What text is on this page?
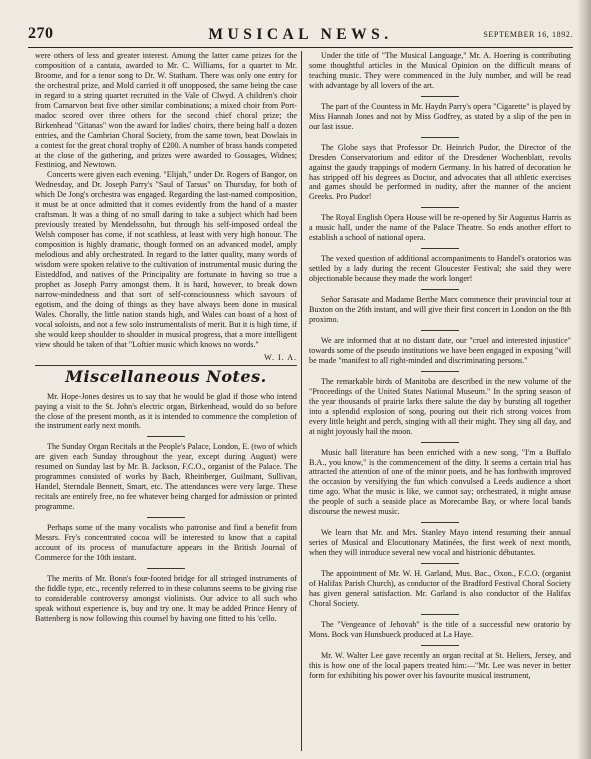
270	MUSICAL NEWS.	SEPTEMBER 16, 1892.

were others of less and greater interest. Among the latter came prizes for the composition of a cantata, awarded to Mr. C. Williams, for a quartet to Mr. Broome, and for a tenor song to Dr. W. Statham. There was only one entry for the orchestral prize, and Mold carried it off unopposed, the same being the case in regard to a string quartet recruited in the Vale of Clwyd. A children's choir from Carnarvon beat five other similar combinations; a mixed choir from Port-madoc scored over three others for the second chief choral prize; the Birkenhead "Gitanas" won the award for ladies' choirs, there being half a dozen entries, and the Cambrian Choral Society, from the same town, beat Dowlais in a contest for the great choral trophy of £200. A number of brass bands competed at the close of the gathering, and prizes were awarded to Gossages, Widnes; Festiniog, and Newtown.

Concerts were given each evening. "Elijah," under Dr. Rogers of Bangor, on Wednesday, and Dr. Joseph Parry's "Saul of Tarsus" on Thursday, for both of which De Jong's orchestra was engaged. Regarding the last-named composition, it must be at once admitted that it comes evidently from the hand of a master craftsman. It was a thing of no small daring to take a subject which had been previously treated by Mendelssohn, but through his self-imposed ordeal the Welsh composer has come, if not scathless, at least with very high honour. The composition is highly dramatic, though formed on an advanced model, amply melodious and ably orchestrated. In regard to the latter quality, many words of wisdom were spoken relative to the cultivation of instrumental music during the Eisteddfod, and natives of the Principality are fortunate in having so true a prophet as Joseph Parry amongst them. It is hard, however, to break down narrow-mindedness and that sort of self-consciousness which savours of egotism, and the doing of things as they have always been done in musical Wales. Chorally, the little nation stands high, and Wales can boast of a host of vocal soloists, and not a few solo instrumentalists of merit. But it is high time, if she would keep shoulder to shoulder in musical progress, that a more intelligent view should be taken of that "Loftier music which knows no words."

W. I. A.

Miscellaneous Notes.

Mr. Hope-Jones desires us to say that he would be glad if those who intend paying a visit to the St. John's electric organ, Birkenhead, would do so before the close of the present month, as it is intended to commence the completion of the instrument early next month.

The Sunday Organ Recitals at the People's Palace, London, E. (two of which are given each Sunday throughout the year, except during August) were resumed on Sunday last by Mr. B. Jackson, F.C.O., organist of the Palace. The programmes consisted of works by Bach, Rheinberger, Guilmant, Sullivan, Handel, Sterndale Bennett, Smart, etc. The attendances were very large. These recitals are entirely free, no fee whatever being charged for admission or printed programme.

Perhaps some of the many vocalists who patronise and find a benefit from Messrs. Fry's concentrated cocoa will be interested to know that a capital account of its process of manufacture appears in the British Journal of Commerce for the 10th instant.

The merits of Mr. Bonn's four-footed bridge for all stringed instruments of the fiddle type, etc., recently referred to in these columns seems to be giving rise to considerable controversy amongst violinists. Our advice to all such who speak without experience is, buy and try one. It may be added Prince Henry of Battenberg is now following this counsel by having one fitted to his 'cello.

Under the title of "The Musical Language," Mr. A. Hoering is contributing some thoughtful articles in the Musical Opinion on the difficult means of teaching music. They were commenced in the July number, and will be read with advantage by all lovers of the art.

The part of the Countess in Mr. Haydn Parry's opera "Cigarette" is played by Miss Hannah Jones and not by Miss Godfrey, as stated by a slip of the pen in our last issue.

The Globe says that Professor Dr. Heinrich Pudor, the Director of the Dresden Conservatorium and editor of the Dresdener Wochenblatt, revolts against the gaudy trappings of modern Germany. In his hatred of decoration he has stripped off his degrees as Doctor, and advocates that all athletic exercises and games should be performed in nudity, after the manner of the ancient Greeks. Pro Pudor!

The Royal English Opera House will be re-opened by Sir Augustus Harris as a music hall, under the name of the Palace Theatre. So ends another effort to establish a school of national opera.

The vexed question of additional accompaniments to Handel's oratorios was settled by a lady during the recent Gloucester Festival; she said they were objectionable because they made the work longer!

Señor Sarasate and Madame Berthe Marx commence their provincial tour at Buxton on the 26th instant, and will give their first concert in London on the 8th proximo.

We are informed that at no distant date, our "cruel and interested injustice" towards some of the pseudo institutions we have been engaged in exposing "will be made "manifest to all right-minded and discriminating persons."

The remarkable birds of Manitoba are described in the new volume of the "Proceedings of the United States National Museum." In the spring season of the year thousands of prairie larks there salute the day by bursting all together into a splendid explosion of song, pouring out their rich strong voices from every little height and perch, singing with all their might. They sing all day, and at night joyously hail the moon.

Music hall literature has been enriched with a new song, "I'm a Buffalo B.A., you know," is the commencement of the ditty. It seems a certain trial has attracted the attention of one of the minor poets, and he has forthwith improved the occasion by versifying the fun which convulsed a Leeds audience a short time ago. What the music is like, we cannot say; orchestrated, it might amuse the people of such a seaside place as Morecambe Bay, or where local bands discourse the newest music.

We learn that Mr. and Mrs. Stanley Mayo intend resuming their annual series of Musical and Elocutionary Matinées, the first week of next month, when they will introduce several new vocal and histrionic débutantes.

The appointment of Mr. W. H. Garland, Mus. Bac., Oxon., F.C.O. (organist of Halifax Parish Church), as conductor of the Bradford Festival Choral Society has given general satisfaction. Mr. Garland is also conductor of the Halifax Choral Society.

The "Vengeance of Jehovah" is the title of a successful new oratorio by Mons. Bock van Hunsbueck produced at La Haye.

Mr. W. Walter Lee gave recently an organ recital at St. Heliers, Jersey, and this is how one of the local papers treated him:—"Mr. Lee was never in better form for exhibiting his power over his favourite musical instrument,
